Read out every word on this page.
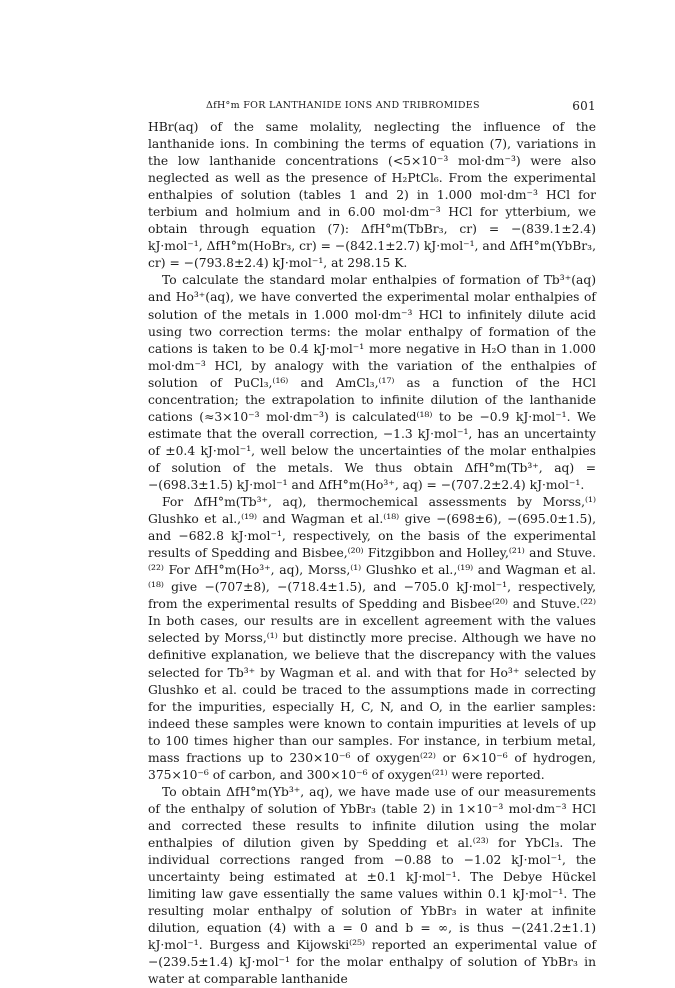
ΔfH°m FOR LANTHANIDE IONS AND TRIBROMIDES	601

HBr(aq) of the same molality, neglecting the influence of the lanthanide ions. In combining the terms of equation (7), variations in the low lanthanide concentrations (<5×10⁻³ mol·dm⁻³) were also neglected as well as the presence of H₂PtCl₆. From the experimental enthalpies of solution (tables 1 and 2) in 1.000 mol·dm⁻³ HCl for terbium and holmium and in 6.00 mol·dm⁻³ HCl for ytterbium, we obtain through equation (7): ΔfH°m(TbBr₃, cr) = −(839.1±2.4) kJ·mol⁻¹, ΔfH°m(HoBr₃, cr) = −(842.1±2.7) kJ·mol⁻¹, and ΔfH°m(YbBr₃, cr) = −(793.8±2.4) kJ·mol⁻¹, at 298.15 K.

To calculate the standard molar enthalpies of formation of Tb³⁺(aq) and Ho³⁺(aq), we have converted the experimental molar enthalpies of solution of the metals in 1.000 mol·dm⁻³ HCl to infinitely dilute acid using two correction terms: the molar enthalpy of formation of the cations is taken to be 0.4 kJ·mol⁻¹ more negative in H₂O than in 1.000 mol·dm⁻³ HCl, by analogy with the variation of the enthalpies of solution of PuCl₃,⁽¹⁶⁾ and AmCl₃,⁽¹⁷⁾ as a function of the HCl concentration; the extrapolation to infinite dilution of the lanthanide cations (≈3×10⁻³ mol·dm⁻³) is calculated⁽¹⁸⁾ to be −0.9 kJ·mol⁻¹. We estimate that the overall correction, −1.3 kJ·mol⁻¹, has an uncertainty of ±0.4 kJ·mol⁻¹, well below the uncertainties of the molar enthalpies of solution of the metals. We thus obtain ΔfH°m(Tb³⁺, aq) = −(698.3±1.5) kJ·mol⁻¹ and ΔfH°m(Ho³⁺, aq) = −(707.2±2.4) kJ·mol⁻¹.

For ΔfH°m(Tb³⁺, aq), thermochemical assessments by Morss,⁽¹⁾ Glushko et al.,⁽¹⁹⁾ and Wagman et al.⁽¹⁸⁾ give −(698±6), −(695.0±1.5), and −682.8 kJ·mol⁻¹, respectively, on the basis of the experimental results of Spedding and Bisbee,⁽²⁰⁾ Fitzgibbon and Holley,⁽²¹⁾ and Stuve.⁽²²⁾ For ΔfH°m(Ho³⁺, aq), Morss,⁽¹⁾ Glushko et al.,⁽¹⁹⁾ and Wagman et al.⁽¹⁸⁾ give −(707±8), −(718.4±1.5), and −705.0 kJ·mol⁻¹, respectively, from the experimental results of Spedding and Bisbee⁽²⁰⁾ and Stuve.⁽²²⁾ In both cases, our results are in excellent agreement with the values selected by Morss,⁽¹⁾ but distinctly more precise. Although we have no definitive explanation, we believe that the discrepancy with the values selected for Tb³⁺ by Wagman et al. and with that for Ho³⁺ selected by Glushko et al. could be traced to the assumptions made in correcting for the impurities, especially H, C, N, and O, in the earlier samples: indeed these samples were known to contain impurities at levels of up to 100 times higher than our samples. For instance, in terbium metal, mass fractions up to 230×10⁻⁶ of oxygen⁽²²⁾ or 6×10⁻⁶ of hydrogen, 375×10⁻⁶ of carbon, and 300×10⁻⁶ of oxygen⁽²¹⁾ were reported.

To obtain ΔfH°m(Yb³⁺, aq), we have made use of our measurements of the enthalpy of solution of YbBr₃ (table 2) in 1×10⁻³ mol·dm⁻³ HCl and corrected these results to infinite dilution using the molar enthalpies of dilution given by Spedding et al.⁽²³⁾ for YbCl₃. The individual corrections ranged from −0.88 to −1.02 kJ·mol⁻¹, the uncertainty being estimated at ±0.1 kJ·mol⁻¹. The Debye Hückel limiting law gave essentially the same values within 0.1 kJ·mol⁻¹. The resulting molar enthalpy of solution of YbBr₃ in water at infinite dilution, equation (4) with a = 0 and b = ∞, is thus −(241.2±1.1) kJ·mol⁻¹. Burgess and Kijowski⁽²⁵⁾ reported an experimental value of −(239.5±1.4) kJ·mol⁻¹ for the molar enthalpy of solution of YbBr₃ in water at comparable lanthanide
